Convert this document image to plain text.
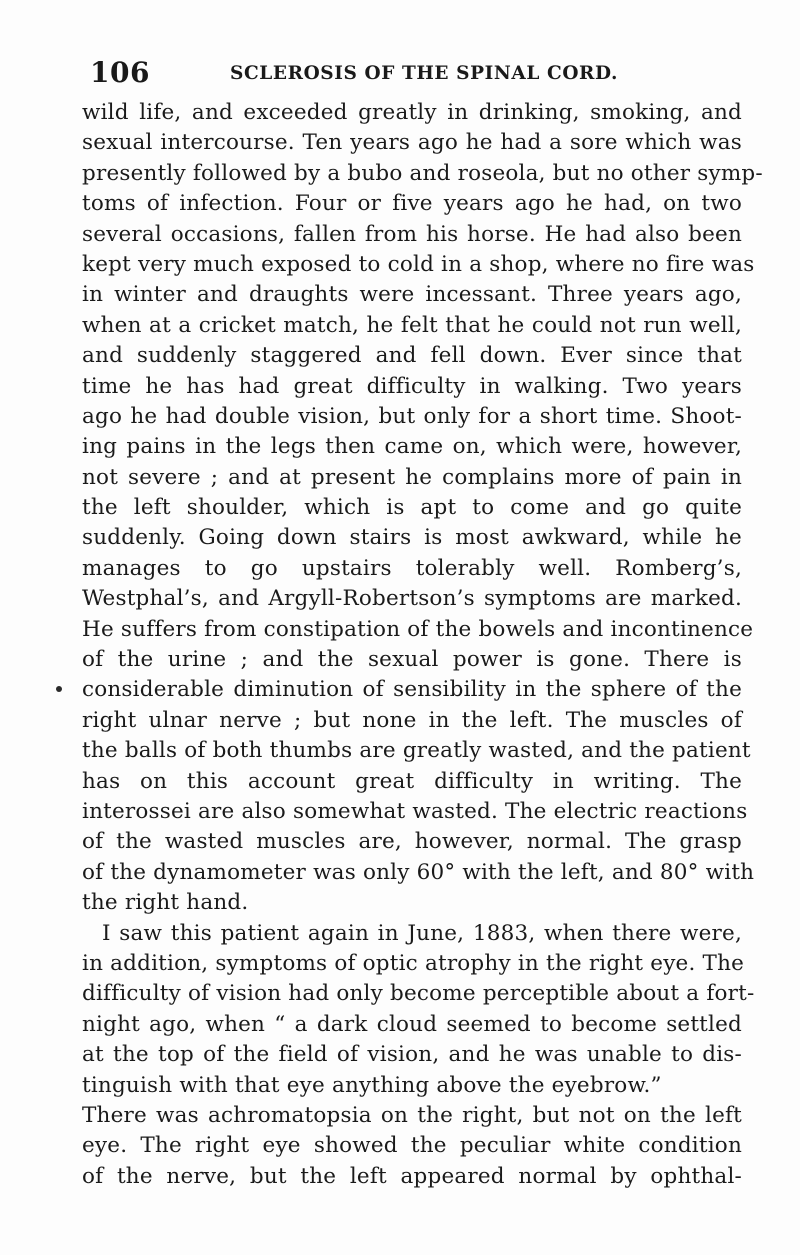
106	SCLEROSIS OF THE SPINAL CORD.
wild life, and exceeded greatly in drinking, smoking, and
sexual intercourse. Ten years ago he had a sore which was
presently followed by a bubo and roseola, but no other symp-
toms of infection. Four or five years ago he had, on two
several occasions, fallen from his horse. He had also been
kept very much exposed to cold in a shop, where no fire was
in winter and draughts were incessant. Three years ago,
when at a cricket match, he felt that he could not run well,
and suddenly staggered and fell down. Ever since that
time he has had great difficulty in walking. Two years
ago he had double vision, but only for a short time. Shoot-
ing pains in the legs then came on, which were, however,
not severe ; and at present he complains more of pain in
the left shoulder, which is apt to come and go quite
suddenly. Going down stairs is most awkward, while he
manages to go upstairs tolerably well. Romberg’s,
Westphal’s, and Argyll-Robertson’s symptoms are marked.
He suffers from constipation of the bowels and incontinence
of the urine ; and the sexual power is gone. There is
considerable diminution of sensibility in the sphere of the
right ulnar nerve ; but none in the left. The muscles of
the balls of both thumbs are greatly wasted, and the patient
has on this account great difficulty in writing. The
interossei are also somewhat wasted. The electric reactions
of the wasted muscles are, however, normal. The grasp
of the dynamometer was only 60° with the left, and 80° with
the right hand.
I saw this patient again in June, 1883, when there were,
in addition, symptoms of optic atrophy in the right eye. The
difficulty of vision had only become perceptible about a fort-
night ago, when “ a dark cloud seemed to become settled
at the top of the field of vision, and he was unable to dis-
tinguish with that eye anything above the eyebrow.”
There was achromatopsia on the right, but not on the left
eye. The right eye showed the peculiar white condition
of the nerve, but the left appeared normal by ophthal-
